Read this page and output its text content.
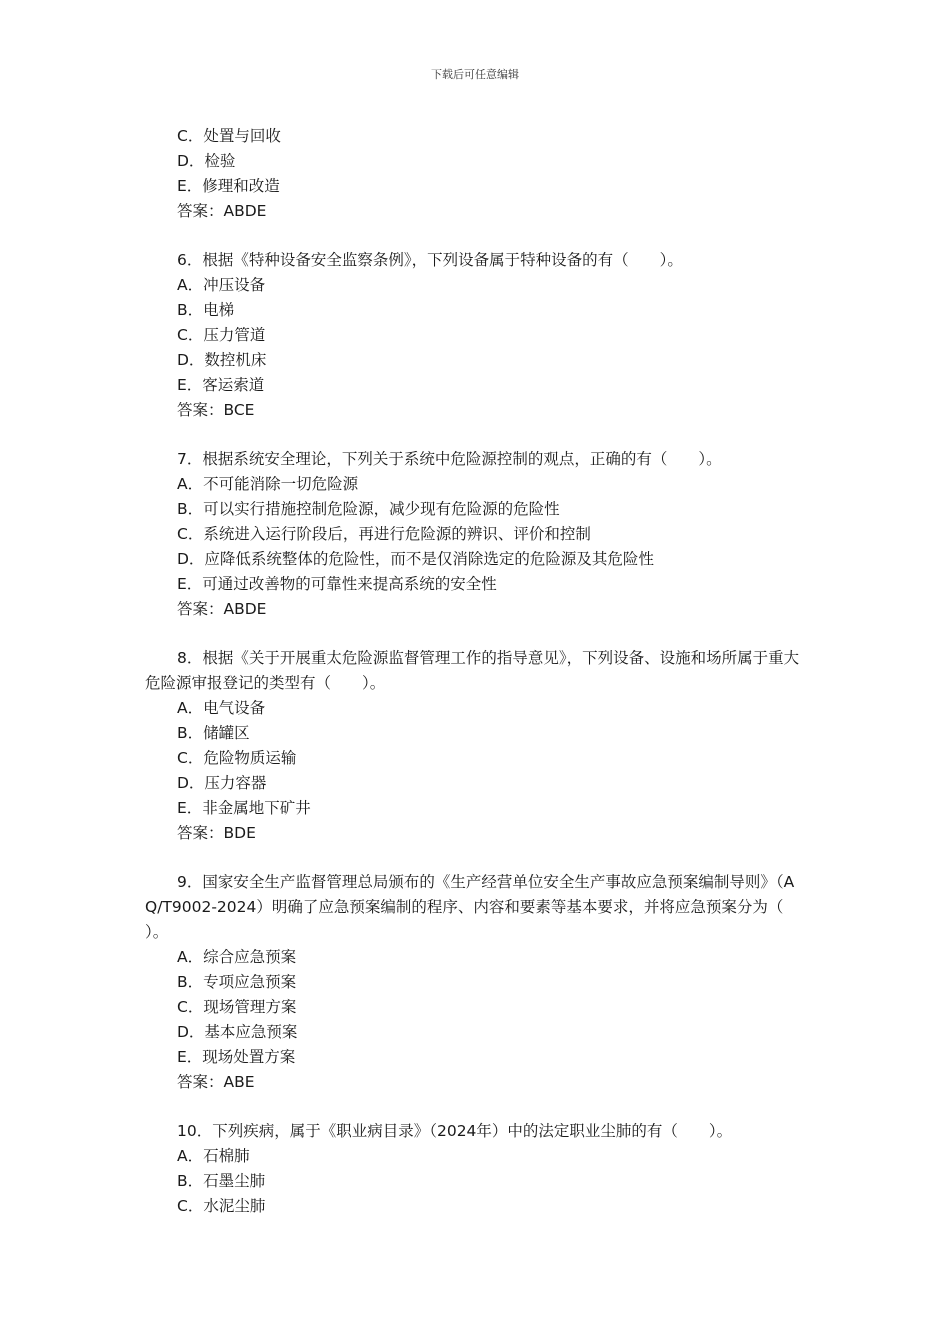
下载后可任意编辑
C．处置与回收
D．检验
E．修理和改造
答案：ABDE
6．根据《特种设备安全监察条例》，下列设备属于特种设备的有（　　）。
A．冲压设备
B．电梯
C．压力管道
D．数控机床
E．客运索道
答案：BCE
7．根据系统安全理论，下列关于系统中危险源控制的观点，正确的有（　　）。
A．不可能消除一切危险源
B．可以实行措施控制危险源，减少现有危险源的危险性
C．系统进入运行阶段后，再进行危险源的辨识、评价和控制
D．应降低系统整体的危险性，而不是仅消除选定的危险源及其危险性
E．可通过改善物的可靠性来提高系统的安全性
答案：ABDE
8．根据《关于开展重太危险源监督管理工作的指导意见》，下列设备、设施和场所属于重大危险源审报登记的类型有（　　）。
A．电气设备
B．储罐区
C．危险物质运输
D．压力容器
E．非金属地下矿井
答案：BDE
9．国家安全生产监督管理总局颁布的《生产经营单位安全生产事故应急预案编制导则》（AQ/T9002-2024）明确了应急预案编制的程序、内容和要素等基本要求，并将应急预案分为（　　）。
A．综合应急预案
B．专项应急预案
C．现场管理方案
D．基本应急预案
E．现场处置方案
答案：ABE
10．下列疾病，属于《职业病目录》（2024年）中的法定职业尘肺的有（　　）。
A．石棉肺
B．石墨尘肺
C．水泥尘肺
